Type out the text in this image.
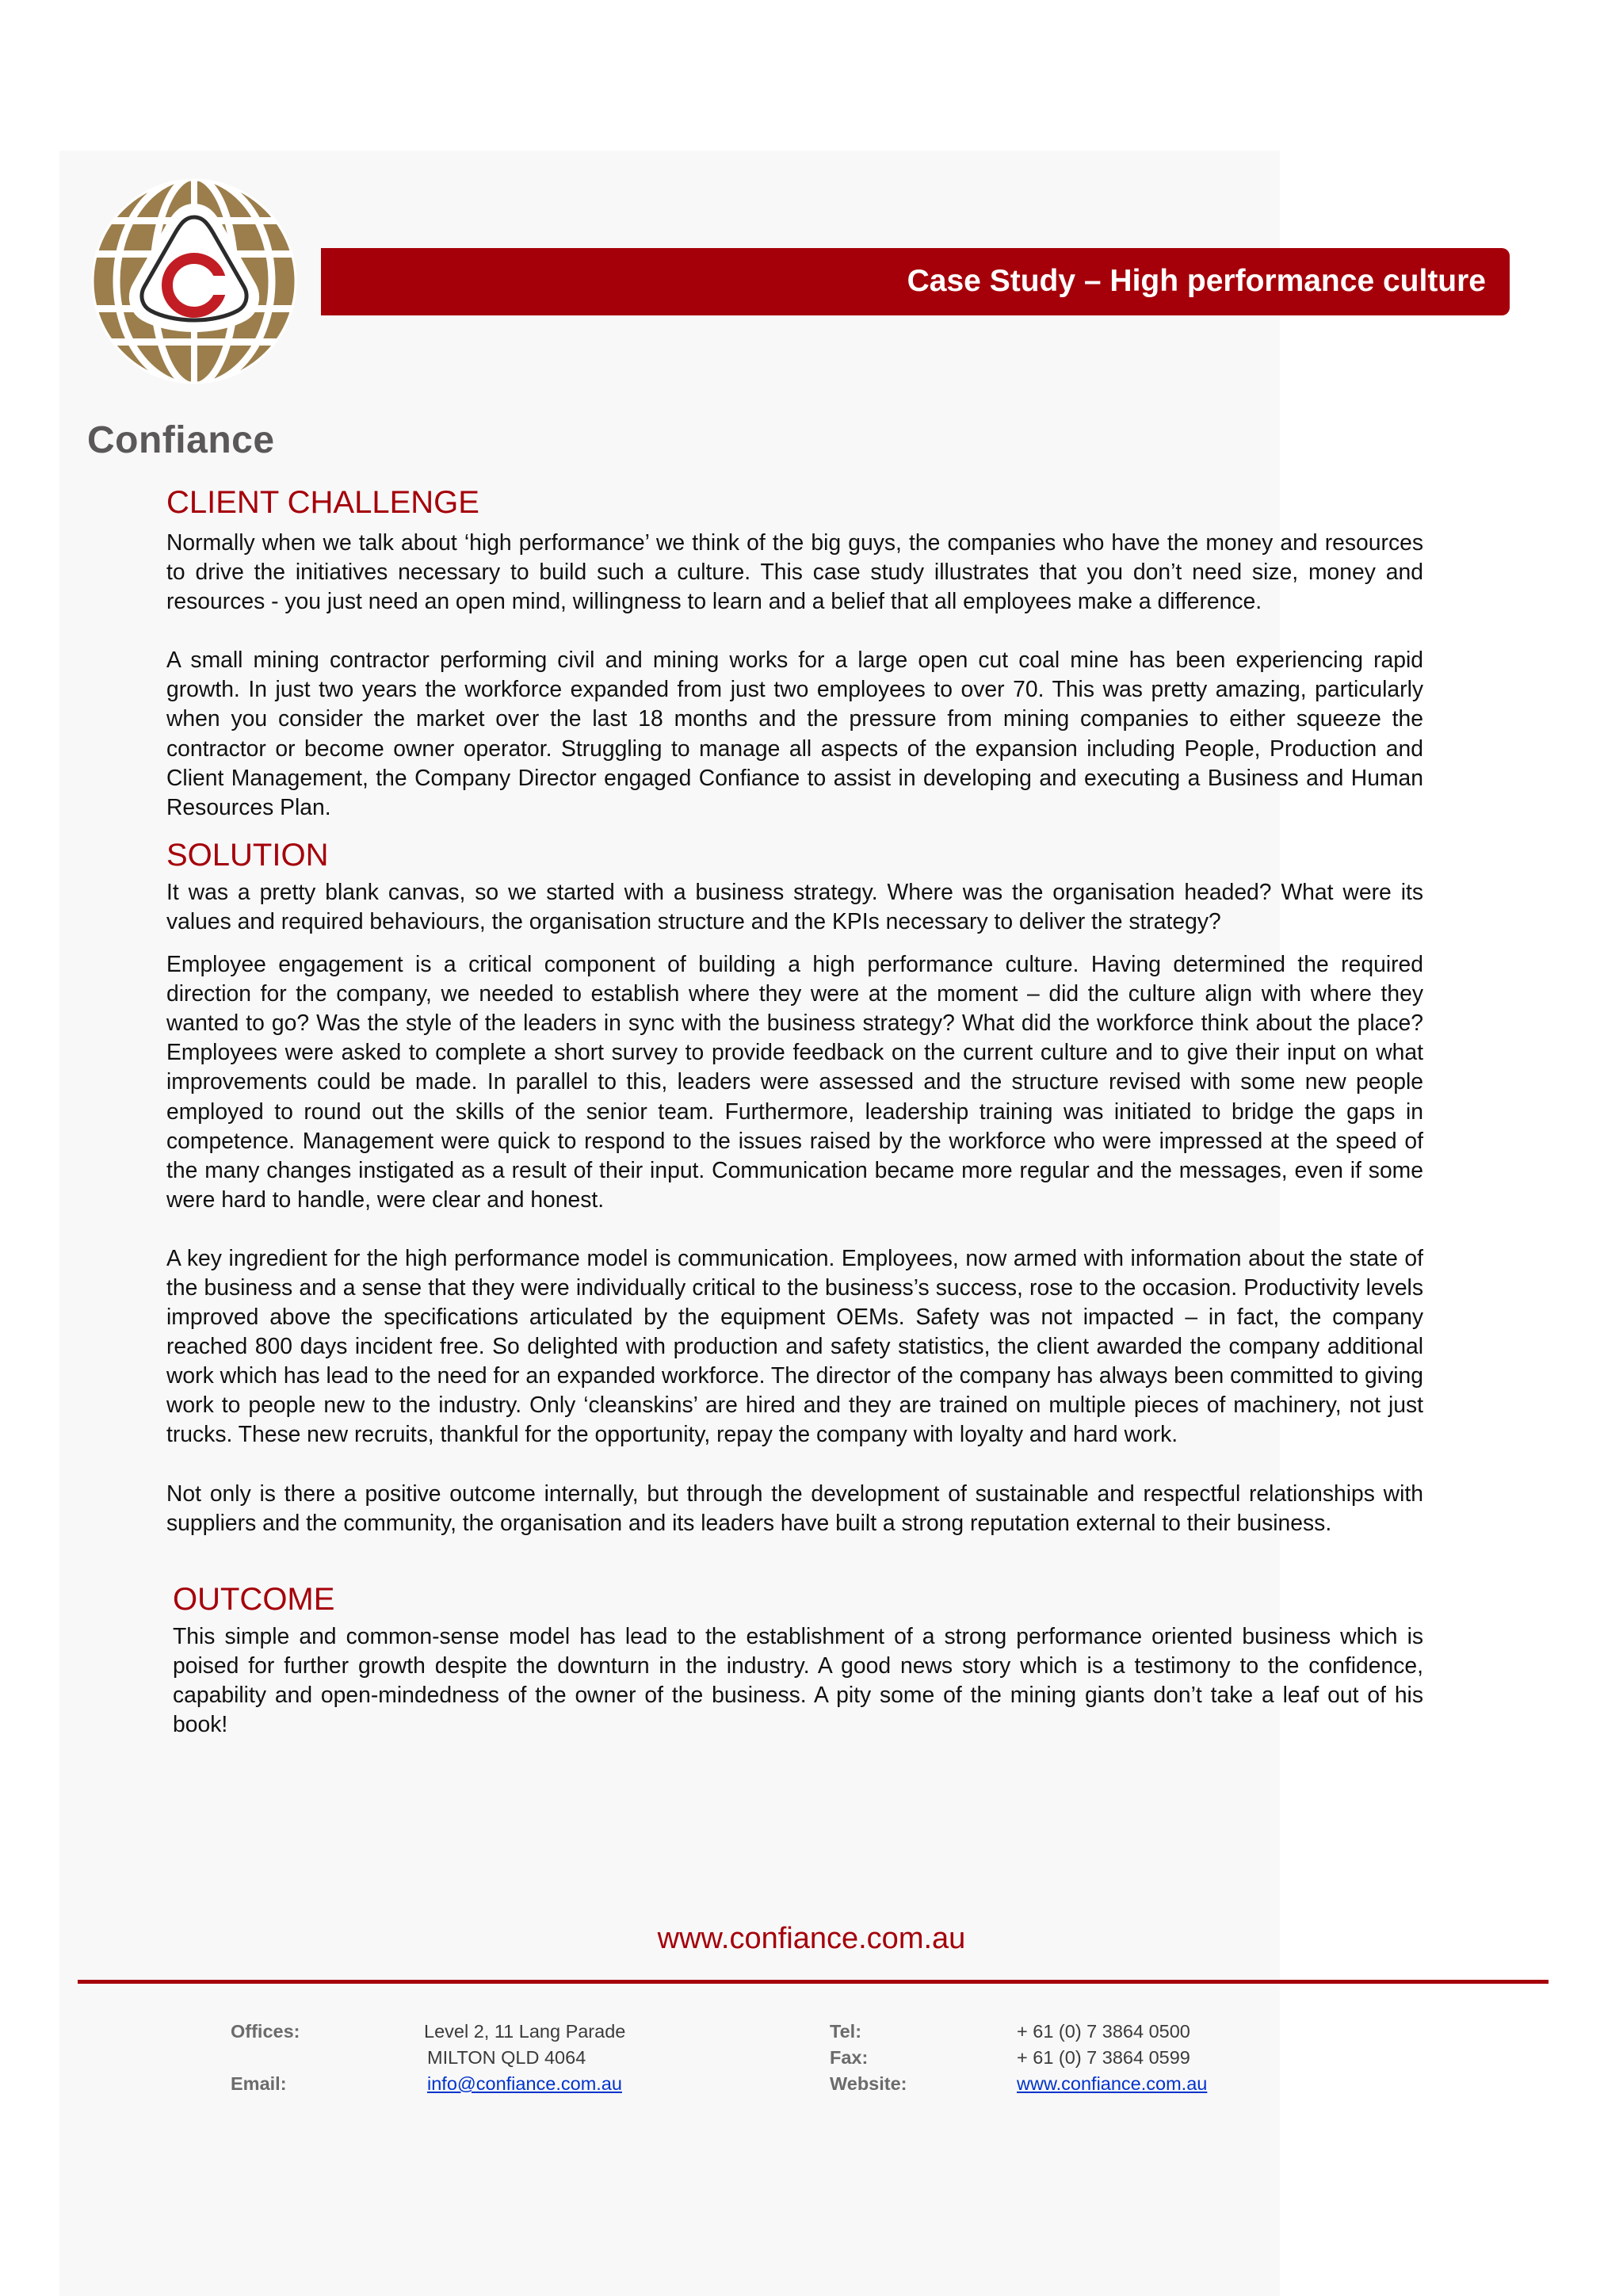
Confiance
Case Study – High performance culture
CLIENT CHALLENGE

Normally when we talk about ‘high performance’ we think of the big guys, the companies who have the money and resources to drive the initiatives necessary to build such a culture. This case study illustrates that you don’t need size, money and resources - you just need an open mind, willingness to learn and a belief that all employees make a difference.

A small mining contractor performing civil and mining works for a large open cut coal mine has been experiencing rapid growth. In just two years the workforce expanded from just two employees to over 70. This was pretty amazing, particularly when you consider the market over the last 18 months and the pressure from mining companies to either squeeze the contractor or become owner operator. Struggling to manage all aspects of the expansion including People, Production and Client Management, the Company Director engaged Confiance to assist in developing and executing a Business and Human Resources Plan.

SOLUTION

It was a pretty blank canvas, so we started with a business strategy. Where was the organisation headed? What were its values and required behaviours, the organisation structure and the KPIs necessary to deliver the strategy?

Employee engagement is a critical component of building a high performance culture. Having determined the required direction for the company, we needed to establish where they were at the moment – did the culture align with where they wanted to go? Was the style of the leaders in sync with the business strategy? What did the workforce think about the place? Employees were asked to complete a short survey to provide feedback on the current culture and to give their input on what improvements could be made. In parallel to this, leaders were assessed and the structure revised with some new people employed to round out the skills of the senior team. Furthermore, leadership training was initiated to bridge the gaps in competence. Management were quick to respond to the issues raised by the workforce who were impressed at the speed of the many changes instigated as a result of their input. Communication became more regular and the messages, even if some were hard to handle, were clear and honest.

A key ingredient for the high performance model is communication. Employees, now armed with information about the state of the business and a sense that they were individually critical to the business’s success, rose to the occasion. Productivity levels improved above the specifications articulated by the equipment OEMs. Safety was not impacted – in fact, the company reached 800 days incident free. So delighted with production and safety statistics, the client awarded the company additional work which has lead to the need for an expanded workforce. The director of the company has always been committed to giving work to people new to the industry. Only ‘cleanskins’ are hired and they are trained on multiple pieces of machinery, not just trucks. These new recruits, thankful for the opportunity, repay the company with loyalty and hard work.

Not only is there a positive outcome internally, but through the development of sustainable and respectful relationships with suppliers and the community, the organisation and its leaders have built a strong reputation external to their business.

OUTCOME

This simple and common-sense model has lead to the establishment of a strong performance oriented business which is poised for further growth despite the downturn in the industry. A good news story which is a testimony to the confidence, capability and open-mindedness of the owner of the business. A pity some of the mining giants don’t take a leaf out of his book!

www.confiance.com.au
Offices:	Level 2, 11 Lang Parade
MILTON QLD 4064
Email:	info@confiance.com.au
Tel:	+ 61 (0) 7 3864 0500
Fax:	+ 61 (0) 7 3864 0599
Website:	www.confiance.com.au
